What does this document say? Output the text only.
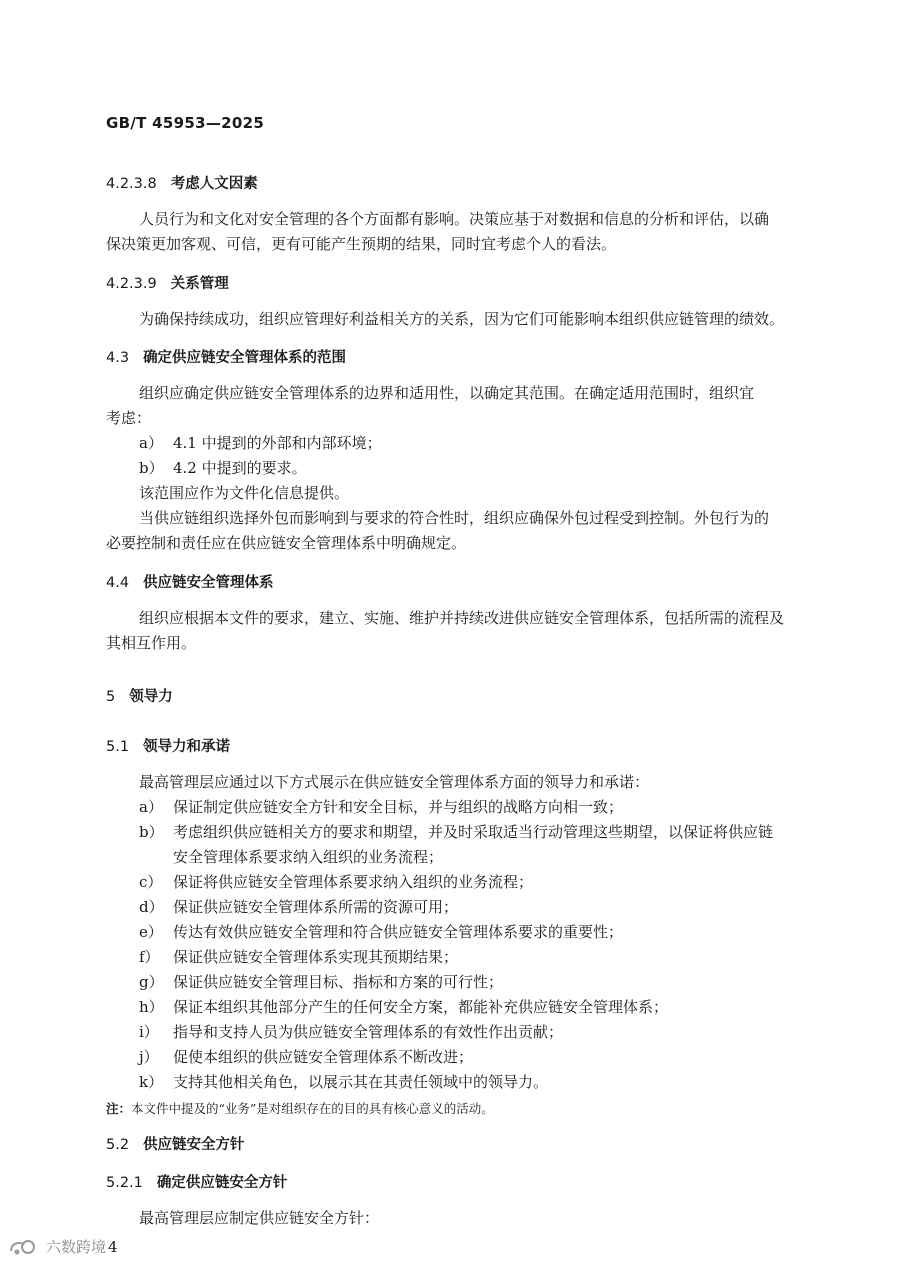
GB/T 45953—2025
4.2.3.8 考虑人文因素
人员行为和文化对安全管理的各个方面都有影响。决策应基于对数据和信息的分析和评估，以确
保决策更加客观、可信，更有可能产生预期的结果，同时宜考虑个人的看法。
4.2.3.9 关系管理
为确保持续成功，组织应管理好利益相关方的关系，因为它们可能影响本组织供应链管理的绩效。
4.3 确定供应链安全管理体系的范围
组织应确定供应链安全管理体系的边界和适用性，以确定其范围。在确定适用范围时，组织宜
考虑：
a） 4.1 中提到的外部和内部环境；
b） 4.2 中提到的要求。
该范围应作为文件化信息提供。
当供应链组织选择外包而影响到与要求的符合性时，组织应确保外包过程受到控制。外包行为的
必要控制和责任应在供应链安全管理体系中明确规定。
4.4 供应链安全管理体系
组织应根据本文件的要求，建立、实施、维护并持续改进供应链安全管理体系，包括所需的流程及
其相互作用。
5 领导力
5.1 领导力和承诺
最高管理层应通过以下方式展示在供应链安全管理体系方面的领导力和承诺：
a） 保证制定供应链安全方针和安全目标，并与组织的战略方向相一致；
b） 考虑组织供应链相关方的要求和期望，并及时采取适当行动管理这些期望，以保证将供应链
安全管理体系要求纳入组织的业务流程；
c） 保证将供应链安全管理体系要求纳入组织的业务流程；
d） 保证供应链安全管理体系所需的资源可用；
e） 传达有效供应链安全管理和符合供应链安全管理体系要求的重要性；
f） 保证供应链安全管理体系实现其预期结果；
g） 保证供应链安全管理目标、指标和方案的可行性；
h） 保证本组织其他部分产生的任何安全方案，都能补充供应链安全管理体系；
i） 指导和支持人员为供应链安全管理体系的有效性作出贡献；
j） 促使本组织的供应链安全管理体系不断改进；
k） 支持其他相关角色，以展示其在其责任领域中的领导力。
注：本文件中提及的“业务”是对组织存在的目的具有核心意义的活动。
5.2 供应链安全方针
5.2.1 确定供应链安全方针
最高管理层应制定供应链安全方针：
六数跨境 4
